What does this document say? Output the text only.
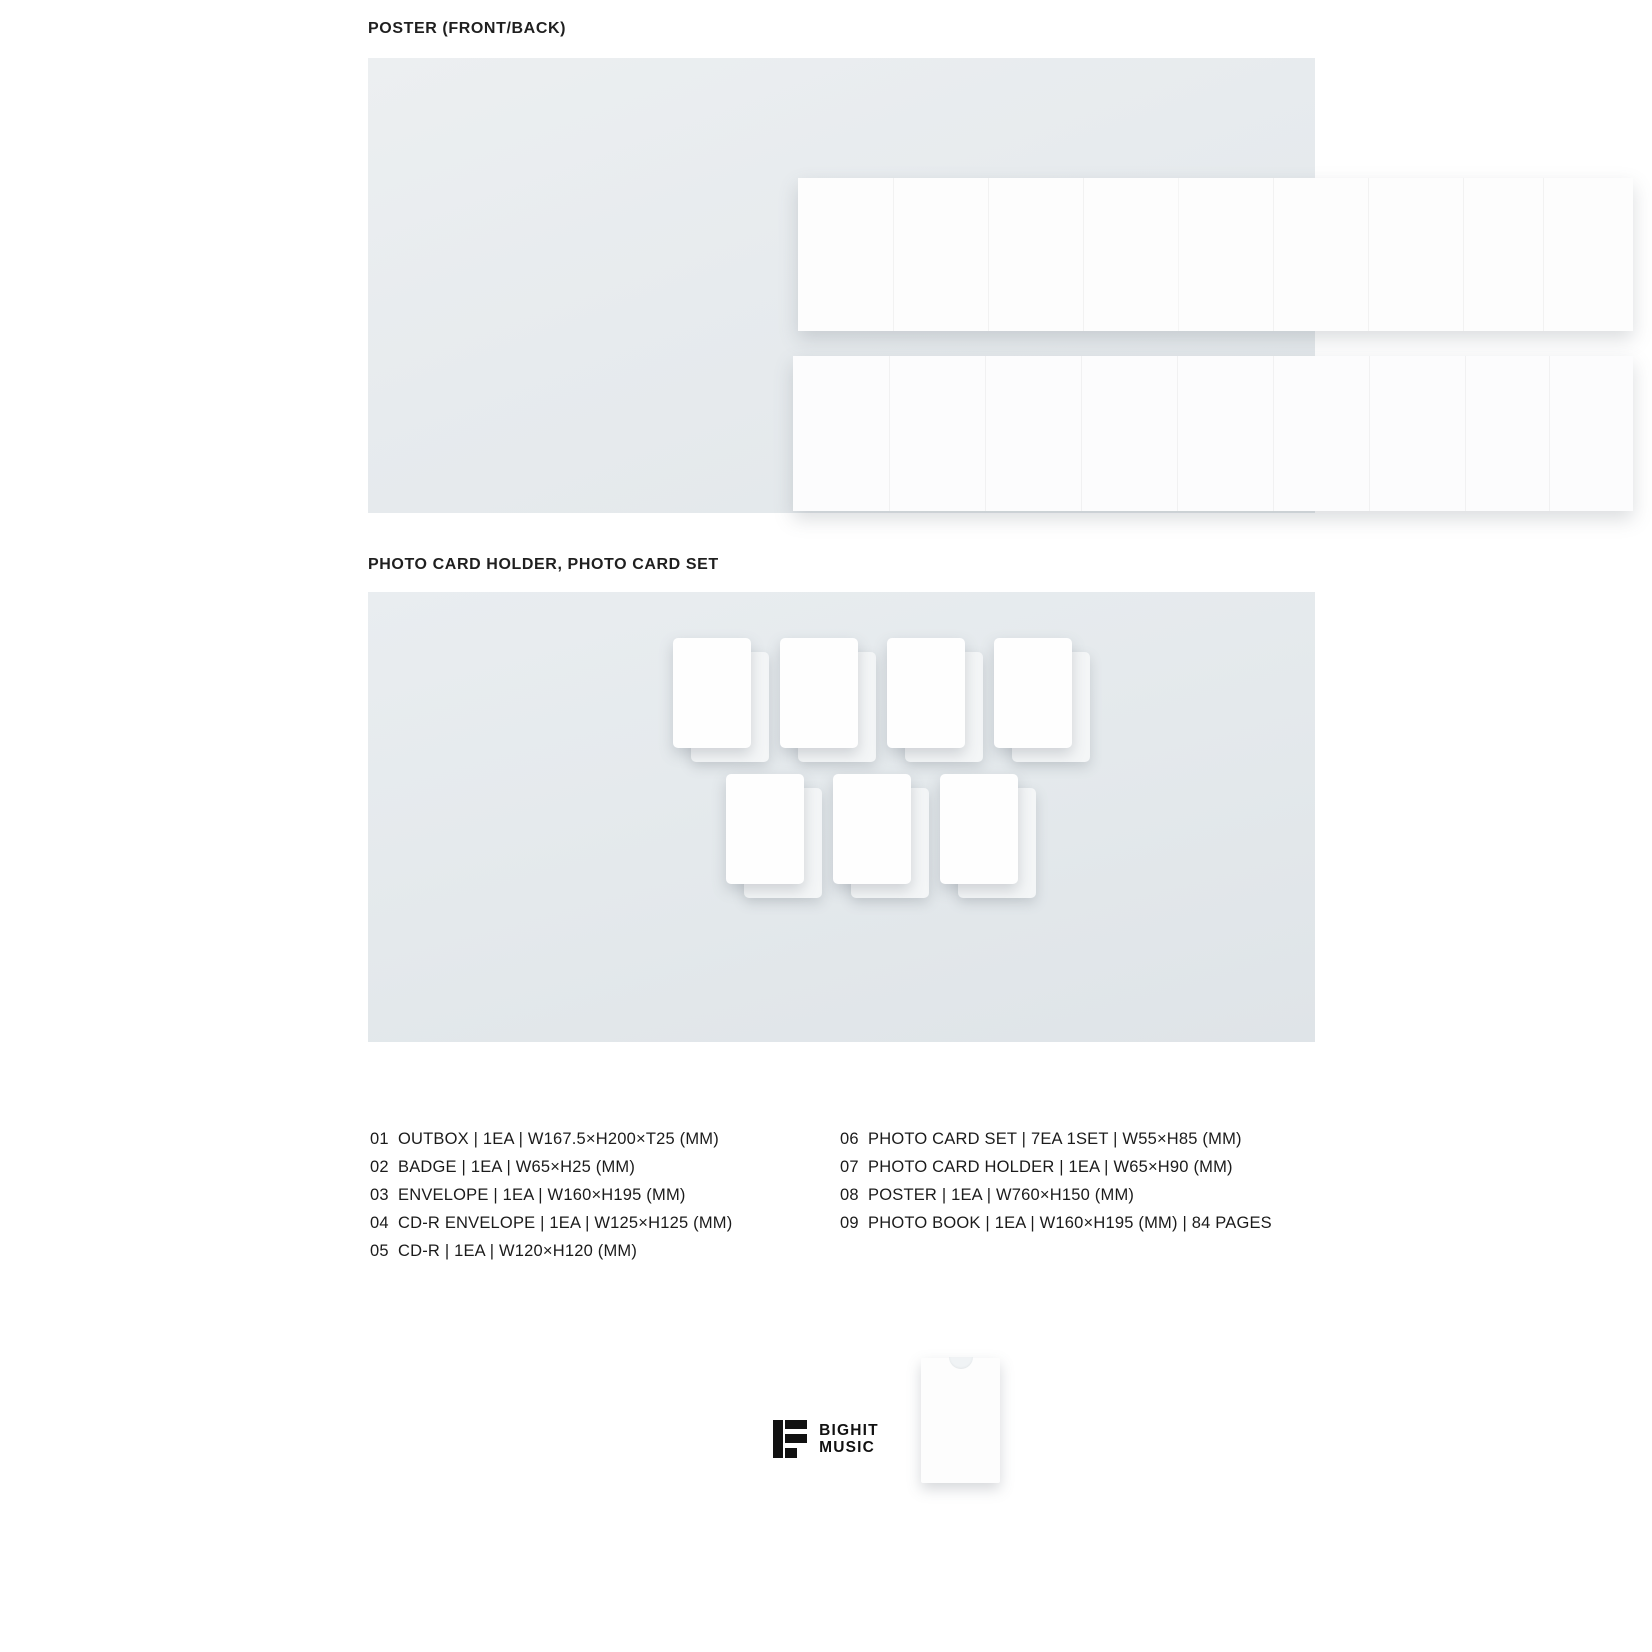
POSTER (FRONT/BACK)
PHOTO CARD HOLDER, PHOTO CARD SET
01 OUTBOX | 1EA | W167.5×H200×T25 (MM)
02 BADGE | 1EA | W65×H25 (MM)
03 ENVELOPE | 1EA | W160×H195 (MM)
04 CD-R ENVELOPE | 1EA | W125×H125 (MM)
05 CD-R | 1EA | W120×H120 (MM)
06 PHOTO CARD SET | 7EA 1SET | W55×H85 (MM)
07 PHOTO CARD HOLDER | 1EA | W65×H90 (MM)
08 POSTER | 1EA | W760×H150 (MM)
09 PHOTO BOOK | 1EA | W160×H195 (MM) | 84 PAGES
BIGHIT
MUSIC
